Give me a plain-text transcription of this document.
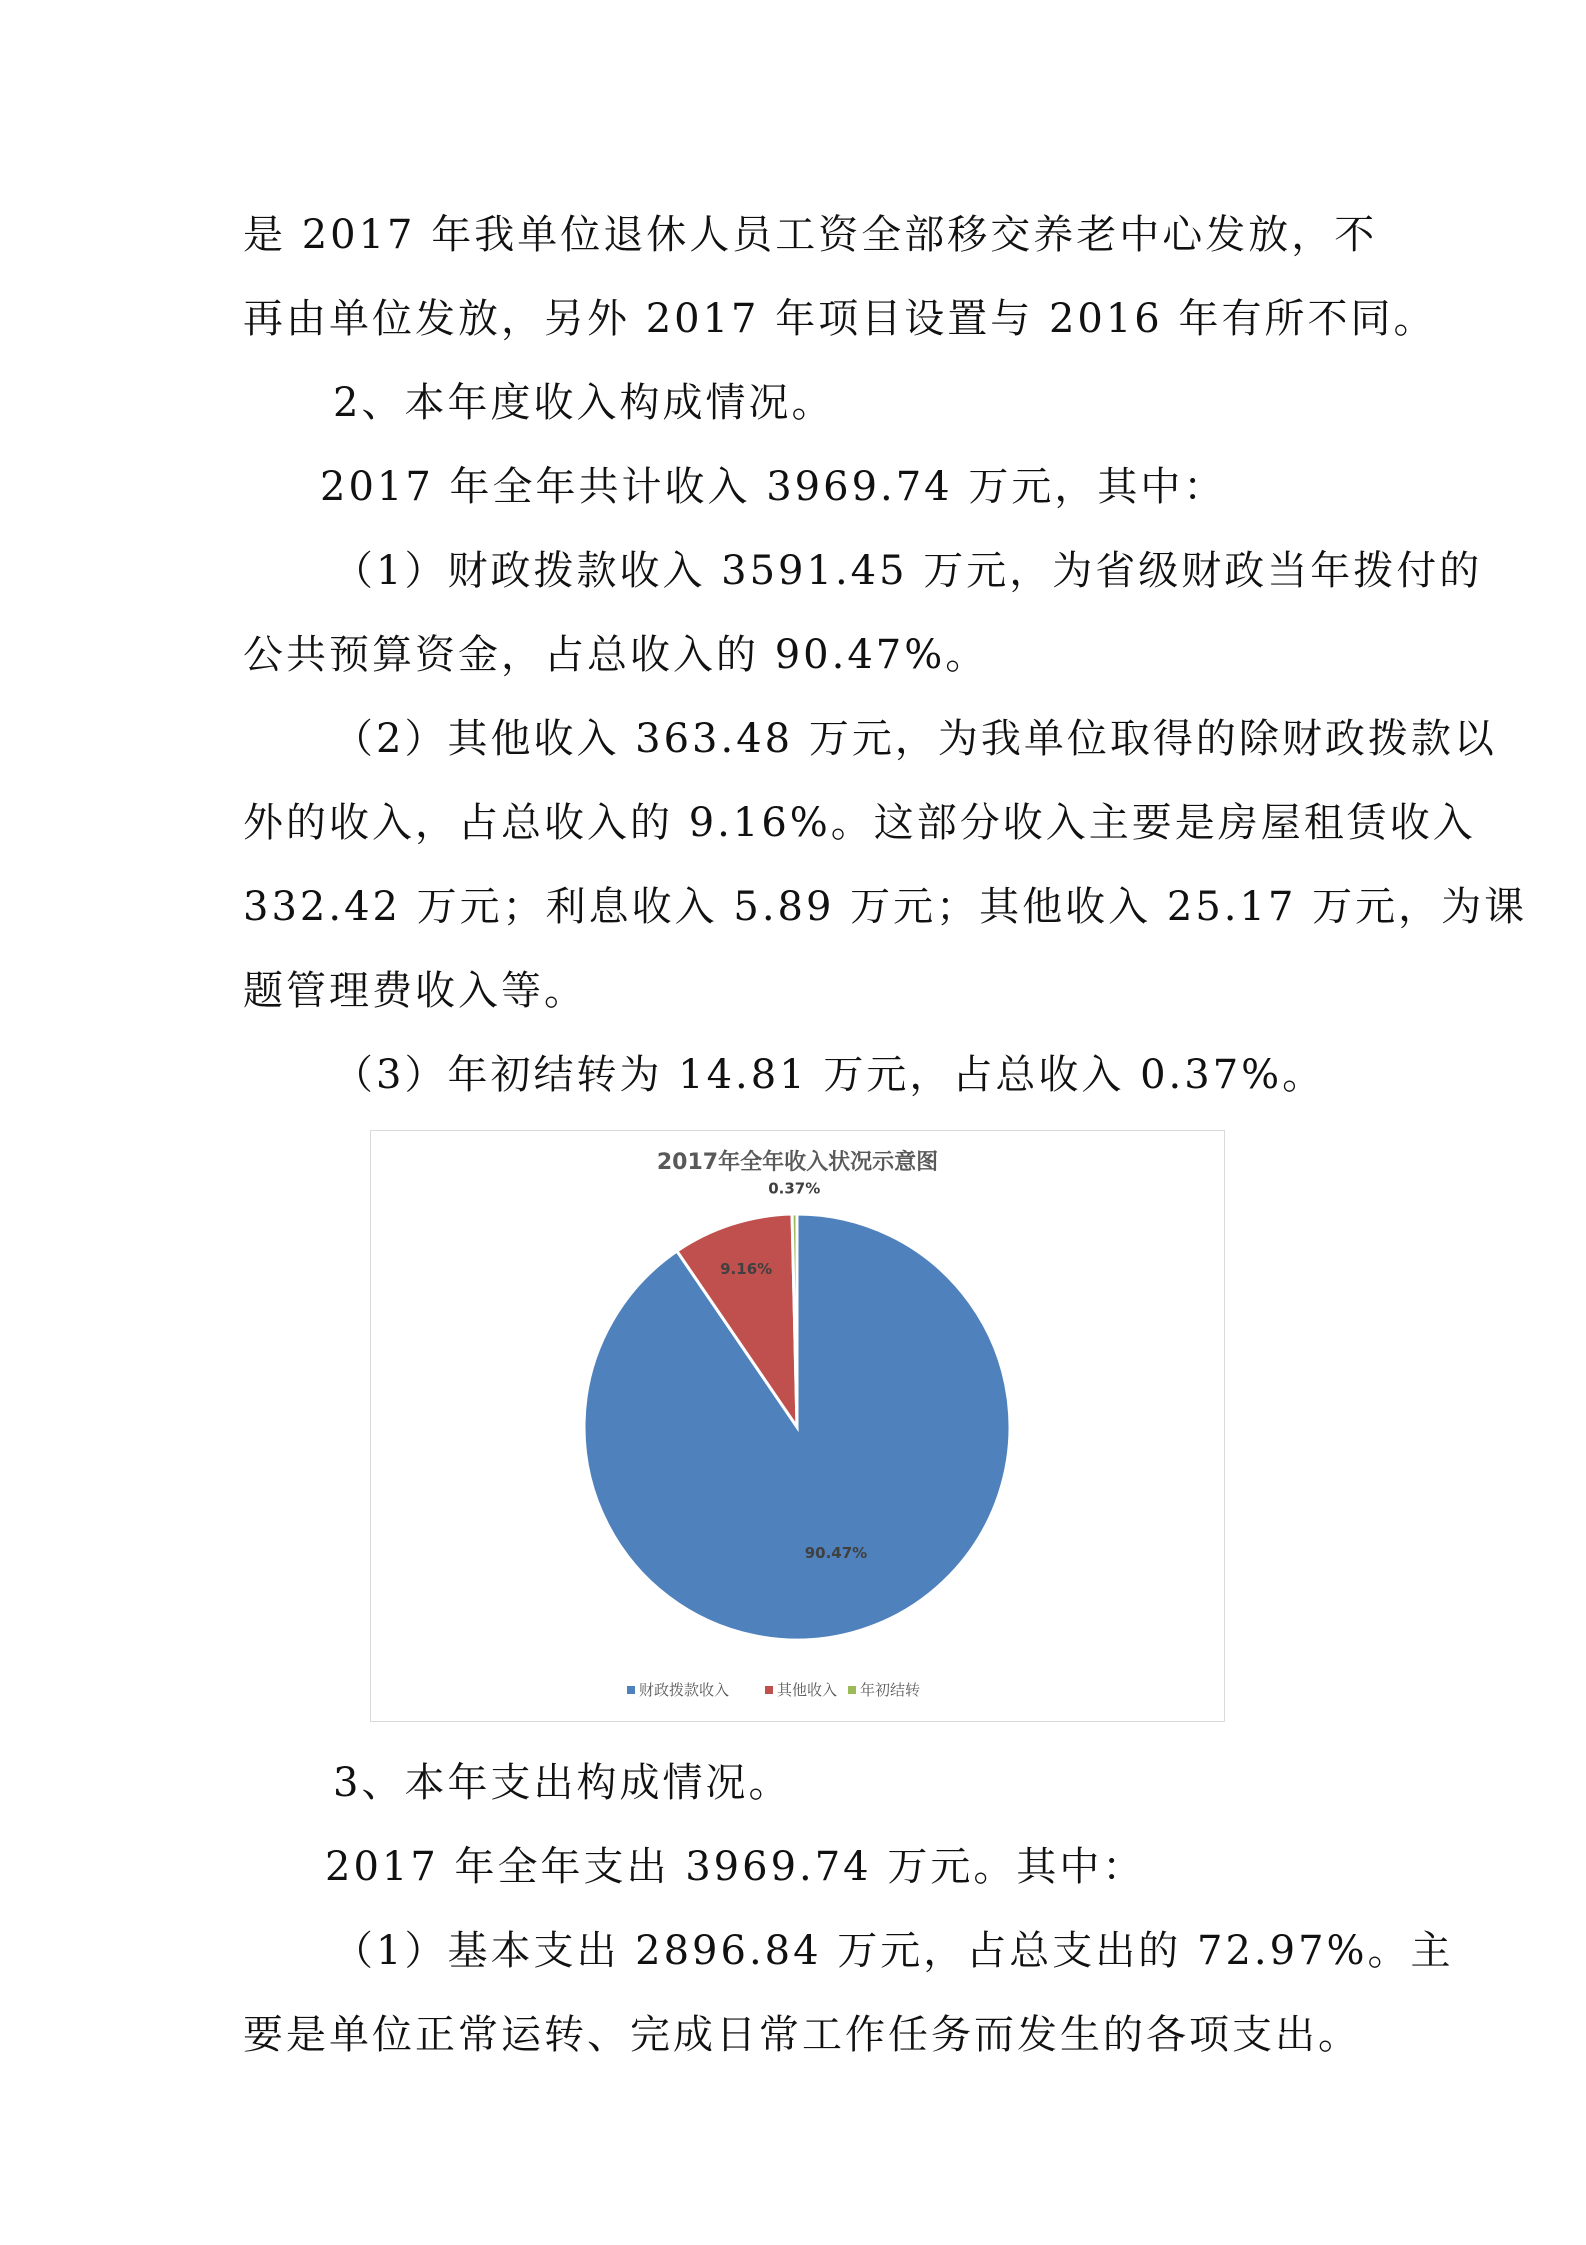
是 2017 年我单位退休人员工资全部移交养老中心发放，不
再由单位发放，另外 2017 年项目设置与 2016 年有所不同。
2、本年度收入构成情况。
2017 年全年共计收入 3969.74 万元，其中：
（1）财政拨款收入 3591.45 万元，为省级财政当年拨付的
公共预算资金，占总收入的 90.47%。
（2）其他收入 363.48 万元，为我单位取得的除财政拨款以
外的收入，占总收入的 9.16%。这部分收入主要是房屋租赁收入
332.42 万元；利息收入 5.89 万元；其他收入 25.17 万元，为课
题管理费收入等。
（3）年初结转为 14.81 万元，占总收入 0.37%。
2017年全年收入状况示意图
90.47%
9.16%
0.37%
财政拨款收入	其他收入 年初结转
3、本年支出构成情况。
2017 年全年支出 3969.74 万元。其中：
（1）基本支出 2896.84 万元，占总支出的 72.97%。主
要是单位正常运转、完成日常工作任务而发生的各项支出。
